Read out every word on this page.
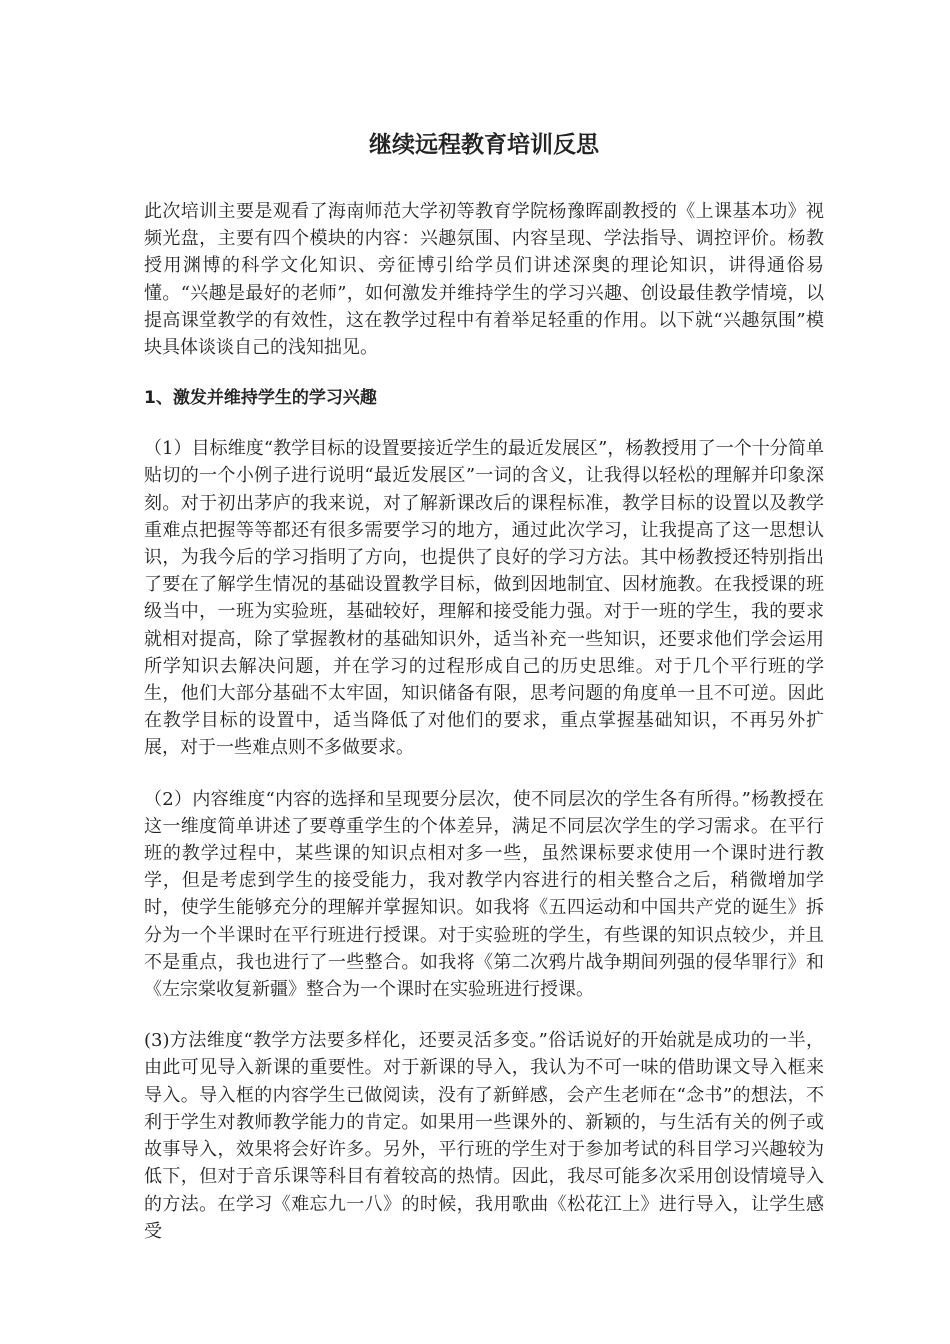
继续远程教育培训反思

此次培训主要是观看了海南师范大学初等教育学院杨豫晖副教授的《上课基本功》视频光盘，主要有四个模块的内容：兴趣氛围、内容呈现、学法指导、调控评价。杨教授用渊博的科学文化知识、旁征博引给学员们讲述深奥的理论知识，讲得通俗易懂。“兴趣是最好的老师”，如何激发并维持学生的学习兴趣、创设最佳教学情境，以提高课堂教学的有效性，这在教学过程中有着举足轻重的作用。以下就“兴趣氛围”模块具体谈谈自己的浅知拙见。

1、激发并维持学生的学习兴趣

（1）目标维度“教学目标的设置要接近学生的最近发展区”，杨教授用了一个十分简单贴切的一个小例子进行说明“最近发展区”一词的含义，让我得以轻松的理解并印象深刻。对于初出茅庐的我来说，对了解新课改后的课程标准，教学目标的设置以及教学重难点把握等等都还有很多需要学习的地方，通过此次学习，让我提高了这一思想认识，为我今后的学习指明了方向，也提供了良好的学习方法。其中杨教授还特别指出了要在了解学生情况的基础设置教学目标，做到因地制宜、因材施教。在我授课的班级当中，一班为实验班，基础较好，理解和接受能力强。对于一班的学生，我的要求就相对提高，除了掌握教材的基础知识外，适当补充一些知识，还要求他们学会运用所学知识去解决问题，并在学习的过程形成自己的历史思维。对于几个平行班的学生，他们大部分基础不太牢固，知识储备有限，思考问题的角度单一且不可逆。因此在教学目标的设置中，适当降低了对他们的要求，重点掌握基础知识，不再另外扩展，对于一些难点则不多做要求。

（2）内容维度“内容的选择和呈现要分层次，使不同层次的学生各有所得。”杨教授在这一维度简单讲述了要尊重学生的个体差异，满足不同层次学生的学习需求。在平行班的教学过程中，某些课的知识点相对多一些，虽然课标要求使用一个课时进行教学，但是考虑到学生的接受能力，我对教学内容进行的相关整合之后，稍微增加学时，使学生能够充分的理解并掌握知识。如我将《五四运动和中国共产党的诞生》拆分为一个半课时在平行班进行授课。对于实验班的学生，有些课的知识点较少，并且不是重点，我也进行了一些整合。如我将《第二次鸦片战争期间列强的侵华罪行》和《左宗棠收复新疆》整合为一个课时在实验班进行授课。

(3)方法维度“教学方法要多样化，还要灵活多变。”俗话说好的开始就是成功的一半，由此可见导入新课的重要性。对于新课的导入，我认为不可一味的借助课文导入框来导入。导入框的内容学生已做阅读，没有了新鲜感，会产生老师在“念书”的想法，不利于学生对教师教学能力的肯定。如果用一些课外的、新颖的，与生活有关的例子或故事导入，效果将会好许多。另外，平行班的学生对于参加考试的科目学习兴趣较为低下，但对于音乐课等科目有着较高的热情。因此，我尽可能多次采用创设情境导入的方法。在学习《难忘九一八》的时候，我用歌曲《松花江上》进行导入，让学生感受
